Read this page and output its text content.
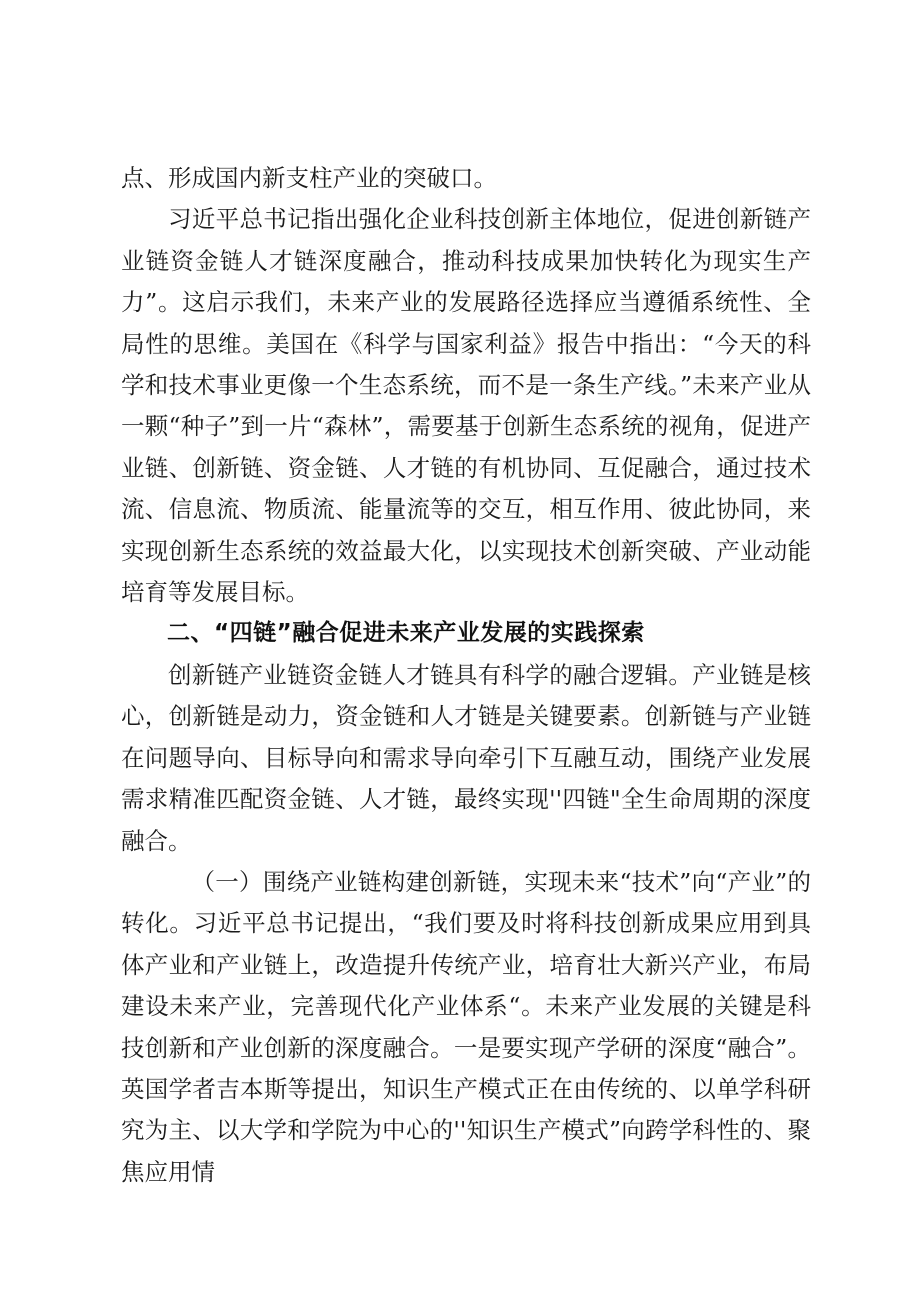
点、形成国内新支柱产业的突破口。

习近平总书记指出强化企业科技创新主体地位，促进创新链产业链资金链人才链深度融合，推动科技成果加快转化为现实生产力”。这启示我们，未来产业的发展路径选择应当遵循系统性、全局性的思维。美国在《科学与国家利益》报告中指出：“今天的科学和技术事业更像一个生态系统，而不是一条生产线。”未来产业从一颗“种子”到一片“森林”，需要基于创新生态系统的视角，促进产业链、创新链、资金链、人才链的有机协同、互促融合，通过技术流、信息流、物质流、能量流等的交互，相互作用、彼此协同，来实现创新生态系统的效益最大化，以实现技术创新突破、产业动能培育等发展目标。

二、“四链”融合促进未来产业发展的实践探索

创新链产业链资金链人才链具有科学的融合逻辑。产业链是核心，创新链是动力，资金链和人才链是关键要素。创新链与产业链在问题导向、目标导向和需求导向牵引下互融互动，围绕产业发展需求精准匹配资金链、人才链，最终实现''四链"全生命周期的深度融合。

（一）围绕产业链构建创新链，实现未来“技术”向“产业”的转化。习近平总书记提出，“我们要及时将科技创新成果应用到具体产业和产业链上，改造提升传统产业，培育壮大新兴产业，布局建设未来产业，完善现代化产业体系“。未来产业发展的关键是科技创新和产业创新的深度融合。一是要实现产学研的深度“融合”。英国学者吉本斯等提出，知识生产模式正在由传统的、以单学科研究为主、以大学和学院为中心的''知识生产模式”向跨学科性的、聚焦应用情
